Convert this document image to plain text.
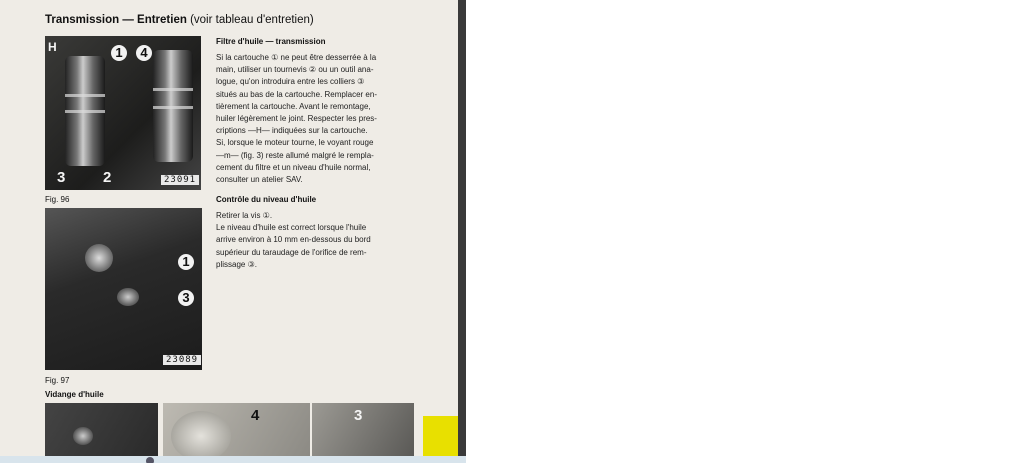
Transmission — Entretien (voir tableau d'entretien)
H	1	4
3	2	23091
Fig. 96
1
3
23089
Fig. 97
Filtre d'huile — transmission
Si la cartouche ① ne peut être desserrée à la
main, utiliser un tournevis ② ou un outil ana-
logue, qu'on introduira entre les colliers ③
situés au bas de la cartouche. Remplacer en-
tièrement la cartouche. Avant le remontage,
huiler légèrement le joint. Respecter les pres-
criptions —H— indiquées sur la cartouche.
Si, lorsque le moteur tourne, le voyant rouge
—m— (fig. 3) reste allumé malgré le rempla-
cement du filtre et un niveau d'huile normal,
consulter un atelier SAV.
Contrôle du niveau d'huile
Retirer la vis ①.
Le niveau d'huile est correct lorsque l'huile
arrive environ à 10 mm en-dessous du bord
supérieur du taraudage de l'orifice de rem-
plissage ③.
Vidange d'huile
4	3
